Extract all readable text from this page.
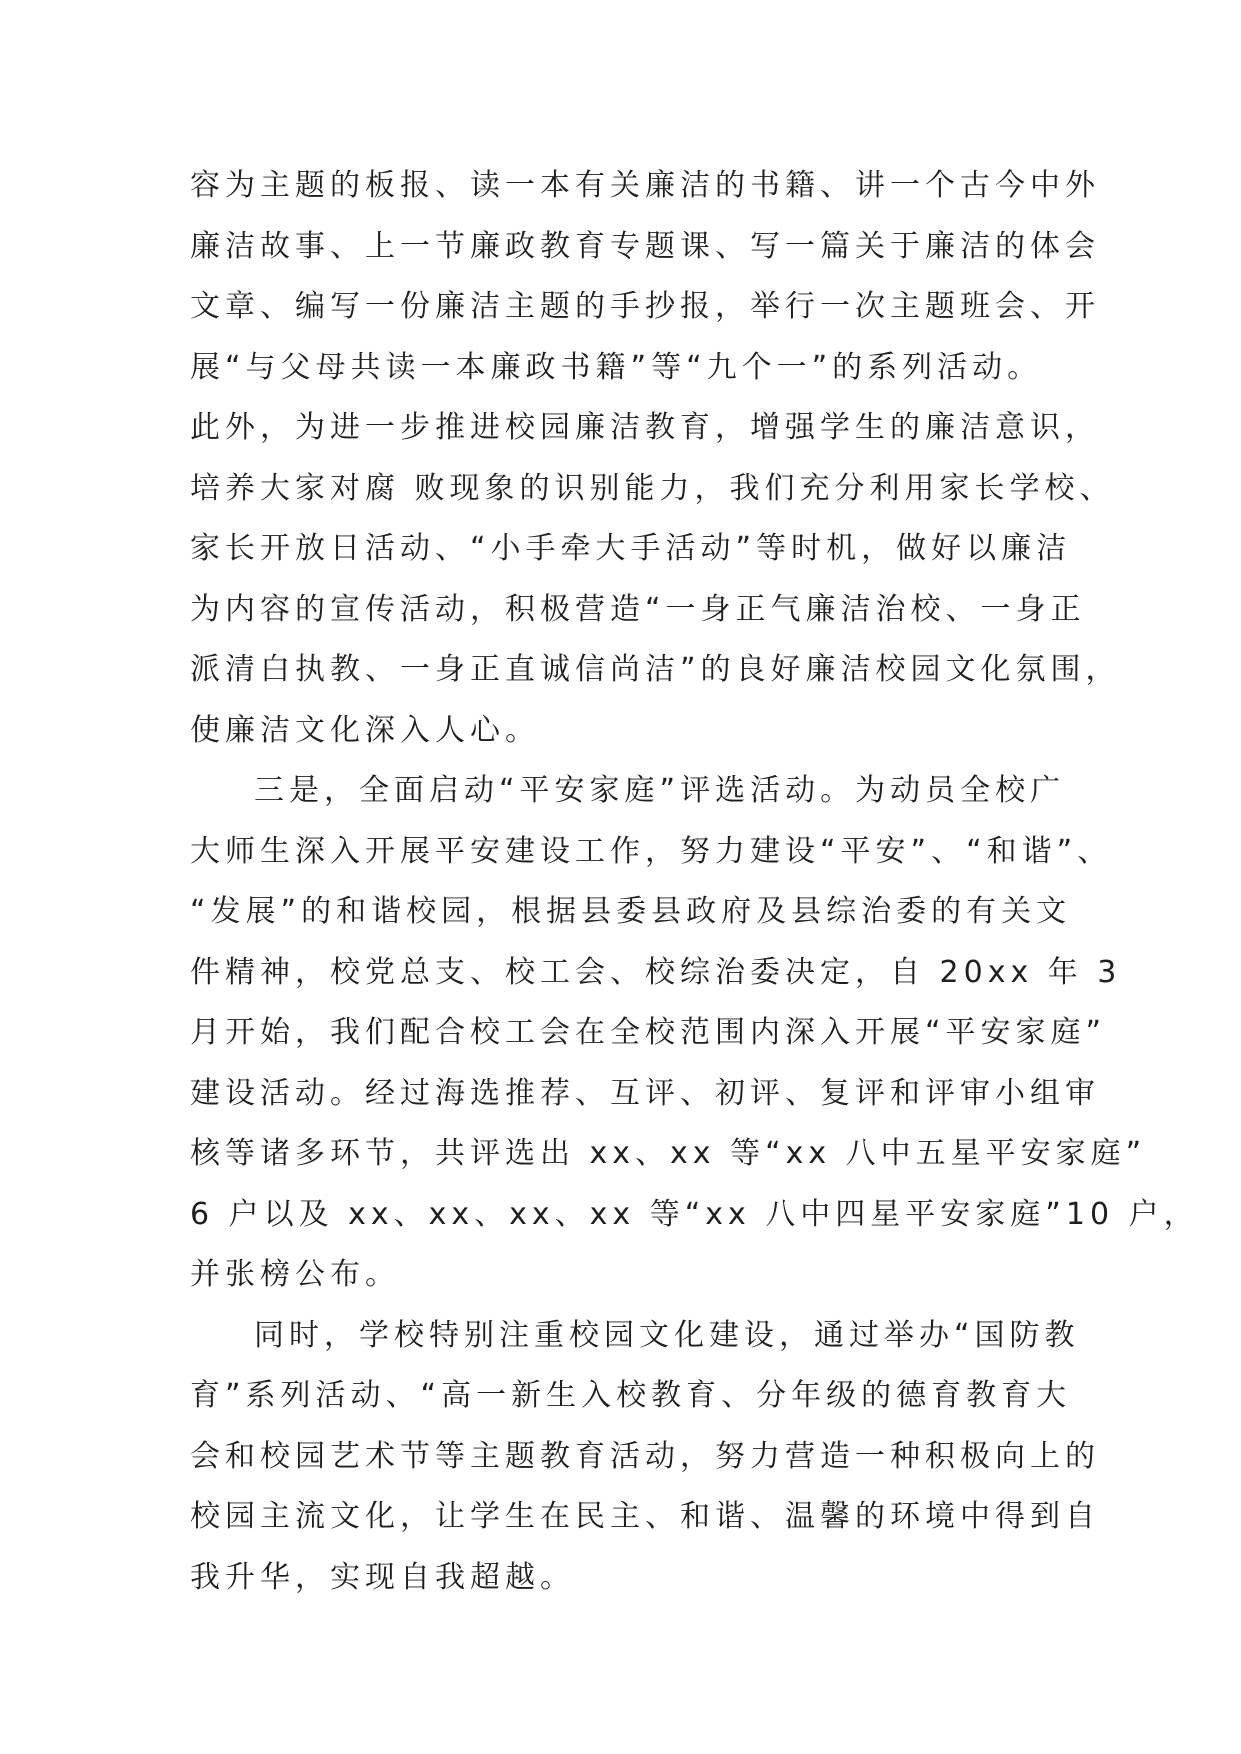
容为主题的板报、读一本有关廉洁的书籍、讲一个古今中外
廉洁故事、上一节廉政教育专题课、写一篇关于廉洁的体会
文章、编写一份廉洁主题的手抄报，举行一次主题班会、开
展“与父母共读一本廉政书籍”等“九个一”的系列活动。
此外，为进一步推进校园廉洁教育，增强学生的廉洁意识，
培养大家对腐 败现象的识别能力，我们充分利用家长学校、
家长开放日活动、“小手牵大手活动”等时机，做好以廉洁
为内容的宣传活动，积极营造“一身正气廉洁治校、一身正
派清白执教、一身正直诚信尚洁”的良好廉洁校园文化氛围，
使廉洁文化深入人心。
三是，全面启动“平安家庭”评选活动。为动员全校广
大师生深入开展平安建设工作，努力建设“平安”、“和谐”、
“发展”的和谐校园，根据县委县政府及县综治委的有关文
件精神，校党总支、校工会、校综治委决定，自 20xx 年 3
月开始，我们配合校工会在全校范围内深入开展“平安家庭”
建设活动。经过海选推荐、互评、初评、复评和评审小组审
核等诸多环节，共评选出 xx、xx 等“xx 八中五星平安家庭”
6 户以及 xx、xx、xx、xx 等“xx 八中四星平安家庭”10 户，
并张榜公布。
同时，学校特别注重校园文化建设，通过举办“国防教
育”系列活动、“高一新生入校教育、分年级的德育教育大
会和校园艺术节等主题教育活动，努力营造一种积极向上的
校园主流文化，让学生在民主、和谐、温馨的环境中得到自
我升华，实现自我超越。
